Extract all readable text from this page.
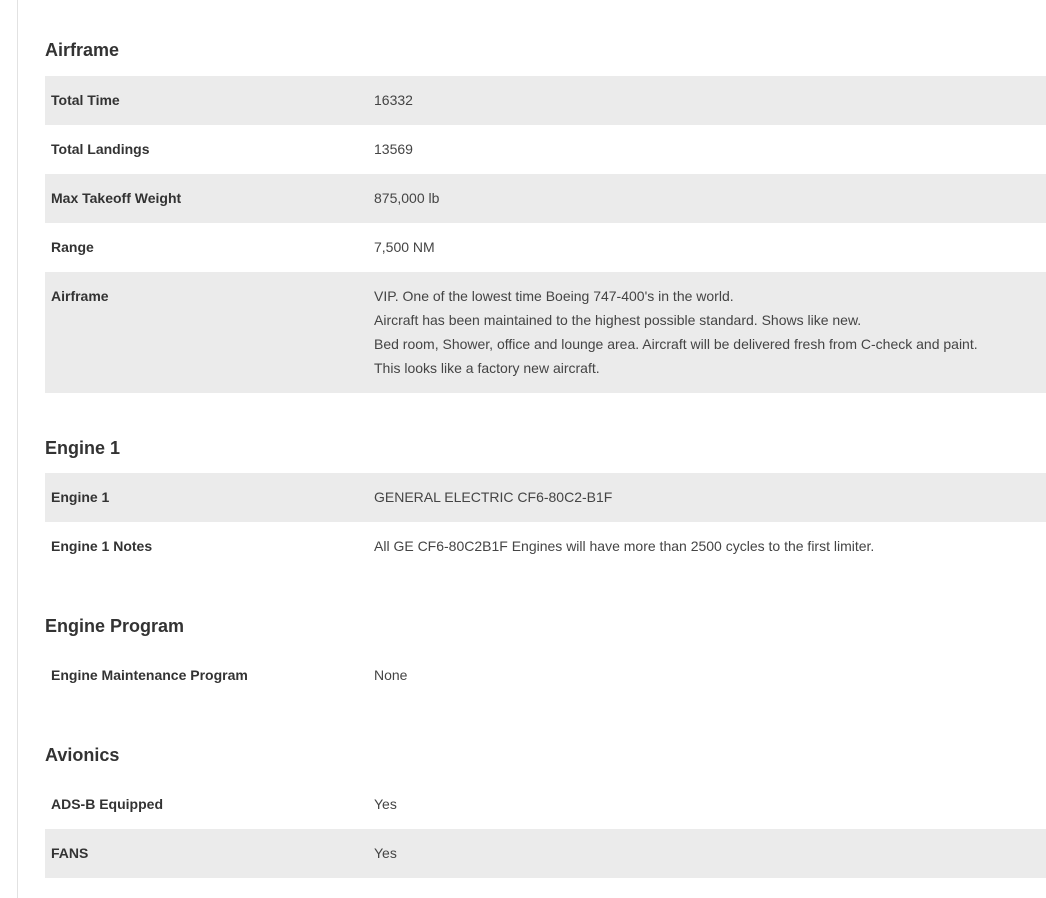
Airframe
Total Time	16332
Total Landings	13569
Max Takeoff Weight	875,000 lb
Range	7,500 NM
Airframe	VIP. One of the lowest time Boeing 747-400's in the world.
Aircraft has been maintained to the highest possible standard. Shows like new.
Bed room, Shower, office and lounge area. Aircraft will be delivered fresh from C-check and paint.
This looks like a factory new aircraft.
Engine 1
Engine 1	GENERAL ELECTRIC CF6-80C2-B1F
Engine 1 Notes	All GE CF6-80C2B1F Engines will have more than 2500 cycles to the first limiter.
Engine Program
Engine Maintenance Program	None
Avionics
ADS-B Equipped	Yes
FANS	Yes
